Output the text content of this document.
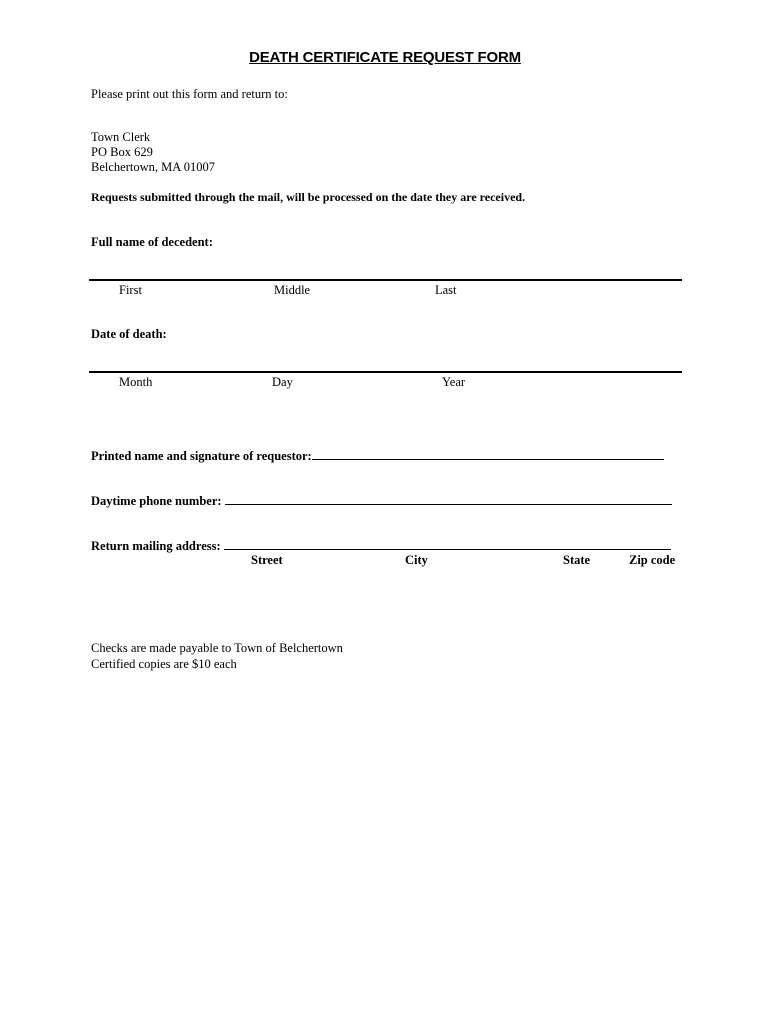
DEATH CERTIFICATE REQUEST FORM
Please print out this form and return to:
Town Clerk
PO Box 629
Belchertown, MA 01007
Requests submitted through the mail, will be processed on the date they are received.
Full name of decedent:
First	Middle	Last
Date of death:
Month	Day	Year
Printed name and signature of requestor:
Daytime phone number:
Return mailing address:
Street	City	State	Zip code
Checks are made payable to Town of Belchertown
Certified copies are $10 each
